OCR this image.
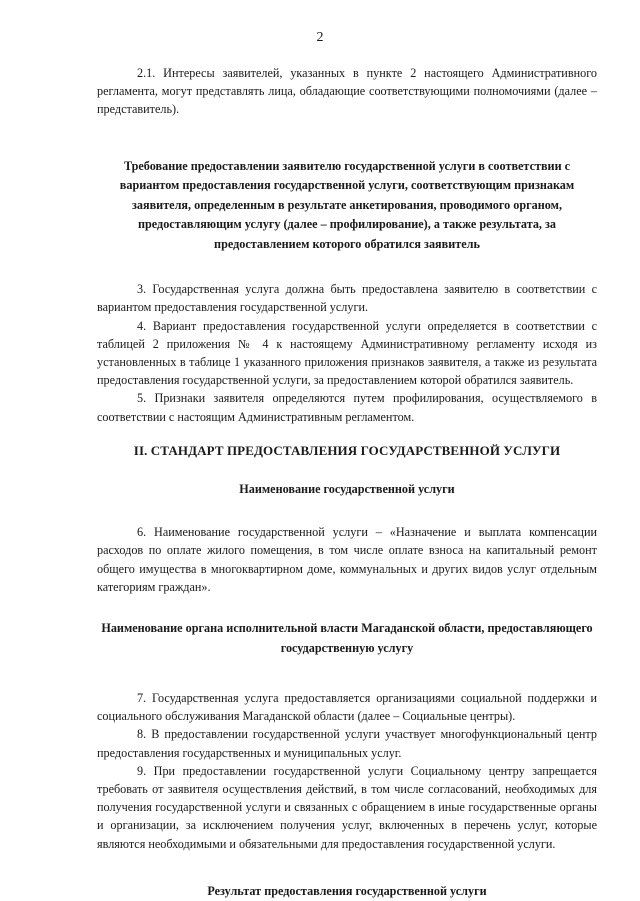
2

2.1. Интересы заявителей, указанных в пункте 2 настоящего Административного регламента, могут представлять лица, обладающие соответствующими полномочиями (далее – представитель).

Требование предоставлении заявителю государственной услуги в соответствии с вариантом предоставления государственной услуги, соответствующим признакам заявителя, определенным в результате анкетирования, проводимого органом, предоставляющим услугу (далее – профилирование), а также результата, за предоставлением которого обратился заявитель

3. Государственная услуга должна быть предоставлена заявителю в соответствии с вариантом предоставления государственной услуги.

4. Вариант предоставления государственной услуги определяется в соответствии с таблицей 2 приложения № 4 к настоящему Административному регламенту исходя из установленных в таблице 1 указанного приложения признаков заявителя, а также из результата предоставления государственной услуги, за предоставлением которой обратился заявитель.

5. Признаки заявителя определяются путем профилирования, осуществляемого в соответствии с настоящим Административным регламентом.

II. СТАНДАРТ ПРЕДОСТАВЛЕНИЯ ГОСУДАРСТВЕННОЙ УСЛУГИ

Наименование государственной услуги

6. Наименование государственной услуги – «Назначение и выплата компенсации расходов по оплате жилого помещения, в том числе оплате взноса на капитальный ремонт общего имущества в многоквартирном доме, коммунальных и других видов услуг отдельным категориям граждан».

Наименование органа исполнительной власти Магаданской области, предоставляющего государственную услугу

7. Государственная услуга предоставляется организациями социальной поддержки и социального обслуживания Магаданской области (далее – Социальные центры).

8. В предоставлении государственной услуги участвует многофункциональный центр предоставления государственных и муниципальных услуг.

9. При предоставлении государственной услуги Социальному центру запрещается требовать от заявителя осуществления действий, в том числе согласований, необходимых для получения государственной услуги и связанных с обращением в иные государственные органы и организации, за исключением получения услуг, включенных в перечень услуг, которые являются необходимыми и обязательными для предоставления государственной услуги.

Результат предоставления государственной услуги
